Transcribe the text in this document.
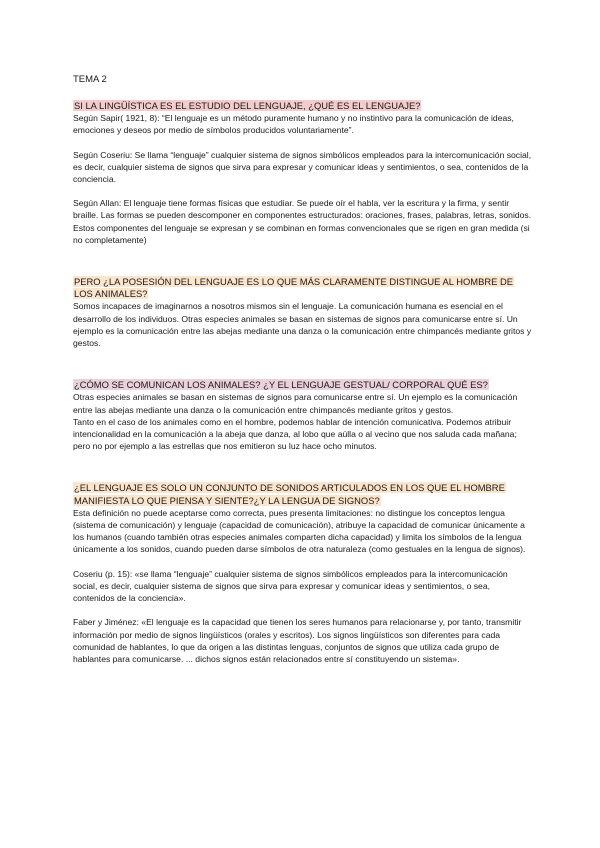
TEMA 2

SI LA LINGÜÍSTICA ES EL ESTUDIO DEL LENGUAJE, ¿QUÉ ES EL LENGUAJE?

Según Sapir( 1921, 8): “El lenguaje es un método puramente humano y no instintivo para la comunicación de ideas, emociones y deseos por medio de símbolos producidos voluntariamente”.

Según Coseriu: Se llama “lenguaje” cualquier sistema de signos simbólicos empleados para la intercomunicación social, es decir, cualquier sistema de signos que sirva para expresar y comunicar ideas y sentimientos, o sea, contenidos de la conciencia.

Según Allan: El lenguaje tiene formas físicas que estudiar. Se puede oír el habla, ver la escritura y la firma, y sentir braille. Las formas se pueden descomponer en componentes estructurados: oraciones, frases, palabras, letras, sonidos. Estos componentes del lenguaje se expresan y se combinan en formas convencionales que se rigen en gran medida (si no completamente)

PERO ¿LA POSESIÓN DEL LENGUAJE ES LO QUE MÁS CLARAMENTE DISTINGUE AL HOMBRE DE LOS ANIMALES?

Somos incapaces de imaginarnos a nosotros mismos sin el lenguaje. La comunicación humana es esencial en el desarrollo de los individuos. Otras especies animales se basan en sistemas de signos para comunicarse entre sí. Un ejemplo es la comunicación entre las abejas mediante una danza o la comunicación entre chimpancés mediante gritos y gestos.

¿CÓMO SE COMUNICAN LOS ANIMALES? ¿Y EL LENGUAJE GESTUAL/ CORPORAL QUÉ ES?

Otras especies animales se basan en sistemas de signos para comunicarse entre sí. Un ejemplo es la comunicación entre las abejas mediante una danza o la comunicación entre chimpancés mediante gritos y gestos.

Tanto en el caso de los animales como en el hombre, podemos hablar de intención comunicativa. Podemos atribuir intencionalidad en la comunicación a la abeja que danza, al lobo que aúlla o al vecino que nos saluda cada mañana; pero no por ejemplo a las estrellas que nos emitieron su luz hace ocho minutos.

¿EL LENGUAJE ES SOLO UN CONJUNTO DE SONIDOS ARTICULADOS EN LOS QUE EL HOMBRE MANIFIESTA LO QUE PIENSA Y SIENTE?¿Y LA LENGUA DE SIGNOS?

Esta definición no puede aceptarse como correcta, pues presenta limitaciones: no distingue los conceptos lengua (sistema de comunicación) y lenguaje (capacidad de comunicación), atribuye la capacidad de comunicar únicamente a los humanos (cuando también otras especies animales comparten dicha capacidad) y limita los símbolos de la lengua únicamente a los sonidos, cuando pueden darse símbolos de otra naturaleza (como gestuales en la lengua de signos).

Coseriu (p. 15): «se llama “lenguaje” cualquier sistema de signos simbólicos empleados para la intercomunicación social, es decir, cualquier sistema de signos que sirva para expresar y comunicar ideas y sentimientos, o sea, contenidos de la conciencia».

Faber y Jiménez: «El lenguaje es la capacidad que tienen los seres humanos para relacionarse y, por tanto, transmitir información por medio de signos lingüísticos (orales y escritos). Los signos lingüísticos son diferentes para cada comunidad de hablantes, lo que da origen a las distintas lenguas, conjuntos de signos que utiliza cada grupo de hablantes para comunicarse. ... dichos signos están relacionados entre sí constituyendo un sistema».
